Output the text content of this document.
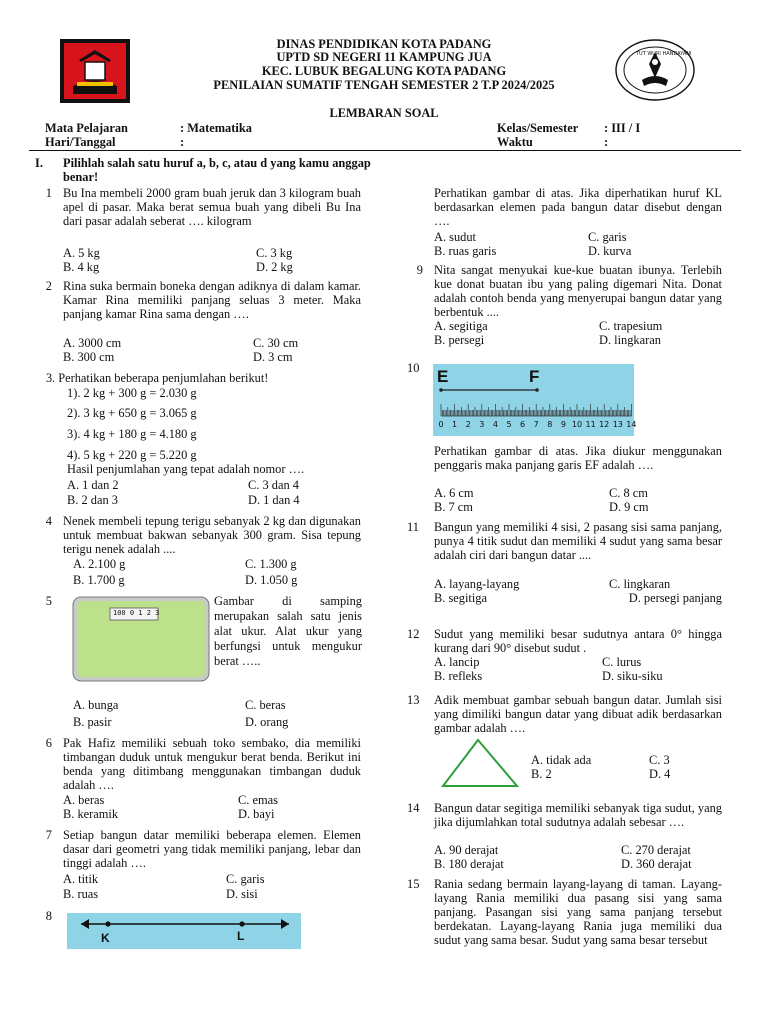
TUT WURI HANDAYANI
DINAS PENDIDIKAN KOTA PADANG
UPTD SD NEGERI 11 KAMPUNG JUA
KEC. LUBUK BEGALUNG KOTA PADANG
PENILAIAN SUMATIF TENGAH SEMESTER 2 T.P 2024/2025
LEMBARAN SOAL
Mata Pelajaran	: Matematika
Hari/Tanggal	:
Kelas/Semester : III / I
Waktu	:
I. Pilihlah salah satu huruf a, b, c, atau d yang kamu anggap benar!
1 Bu Ina membeli 2000 gram buah jeruk dan 3 kilogram buah apel di pasar. Maka berat semua buah yang dibeli Bu Ina dari pasar adalah seberat …. kilogram
A. 5 kg	C. 3 kg
B. 4 kg	D. 2 kg
2 Rina suka bermain boneka dengan adiknya di dalam kamar. Kamar Rina memiliki panjang seluas 3 meter. Maka panjang kamar Rina sama dengan ….
A. 3000 cm	C. 30 cm
B. 300 cm	D. 3 cm
3 . Perhatikan beberapa penjumlahan berikut!
1). 2 kg + 300 g = 2.030 g
2). 3 kg + 650 g = 3.065 g
3). 4 kg + 180 g = 4.180 g
4). 5 kg + 220 g = 5.220 g
Hasil penjumlahan yang tepat adalah nomor ….
A. 1 dan 2	C. 3 dan 4
B. 2 dan 3	D. 1 dan 4
4 Nenek membeli tepung terigu sebanyak 2 kg dan digunakan untuk membuat bakwan sebanyak 300 gram. Sisa tepung terigu nenek adalah ....
A. 2.100 g	C. 1.300 g
B. 1.700 g	D. 1.050 g
5
100 0 1 2 3
Gambar di samping merupakan salah satu jenis alat ukur. Alat ukur yang berfungsi untuk mengukur berat …..
A. bunga	C. beras
B. pasir	D. orang
6 Pak Hafiz memiliki sebuah toko sembako, dia memiliki timbangan duduk untuk mengukur berat benda. Berikut ini benda yang ditimbang menggunakan timbangan duduk adalah ….
A. beras	C. emas
B. keramik	D. bayi
7 Setiap bangun datar memiliki beberapa elemen. Elemen dasar dari geometri yang tidak memiliki panjang, lebar dan tinggi adalah ….
A. titik	C. garis
B. ruas	D. sisi
8
K	L
Perhatikan gambar di atas. Jika diperhatikan huruf KL berdasarkan elemen pada bangun datar disebut dengan ….
A. sudut	C. garis
B. ruas garis	D. kurva
9 Nita sangat menyukai kue-kue buatan ibunya. Terlebih kue donat buatan ibu yang paling digemari Nita. Donat adalah contoh benda yang menyerupai bangun datar yang berbentuk ....
A. segitiga	C. trapesium
B. persegi	D. lingkaran
10 E	F
0 1 2 3 4 5 6 7 8 9 10 11 12 13 14
Perhatikan gambar di atas. Jika diukur menggunakan penggaris maka panjang garis EF adalah ….
A. 6 cm	C. 8 cm
B. 7 cm	D. 9 cm
11 Bangun yang memiliki 4 sisi, 2 pasang sisi sama panjang, punya 4 titik sudut dan memiliki 4 sudut yang sama besar adalah ciri dari bangun datar ....
A. layang-layang	C. lingkaran
B. segitiga	D. persegi panjang
12 Sudut yang memiliki besar sudutnya antara 0° hingga kurang dari 90° disebut sudut .
A. lancip	C. lurus
B. refleks	D. siku-siku
13 Adik membuat gambar sebuah bangun datar. Jumlah sisi yang dimiliki bangun datar yang dibuat adik berdasarkan gambar adalah ….
A. tidak ada	C. 3
B. 2	D. 4
14 Bangun datar segitiga memiliki sebanyak tiga sudut, yang jika dijumlahkan total sudutnya adalah sebesar ….
A. 90 derajat	C. 270 derajat
B. 180 derajat	D. 360 derajat
15 Rania sedang bermain layang-layang di taman. Layang-layang Rania memiliki dua pasang sisi yang sama panjang. Pasangan sisi yang sama panjang tersebut berdekatan. Layang-layang Rania juga memiliki dua sudut yang sama besar. Sudut yang sama besar tersebut
